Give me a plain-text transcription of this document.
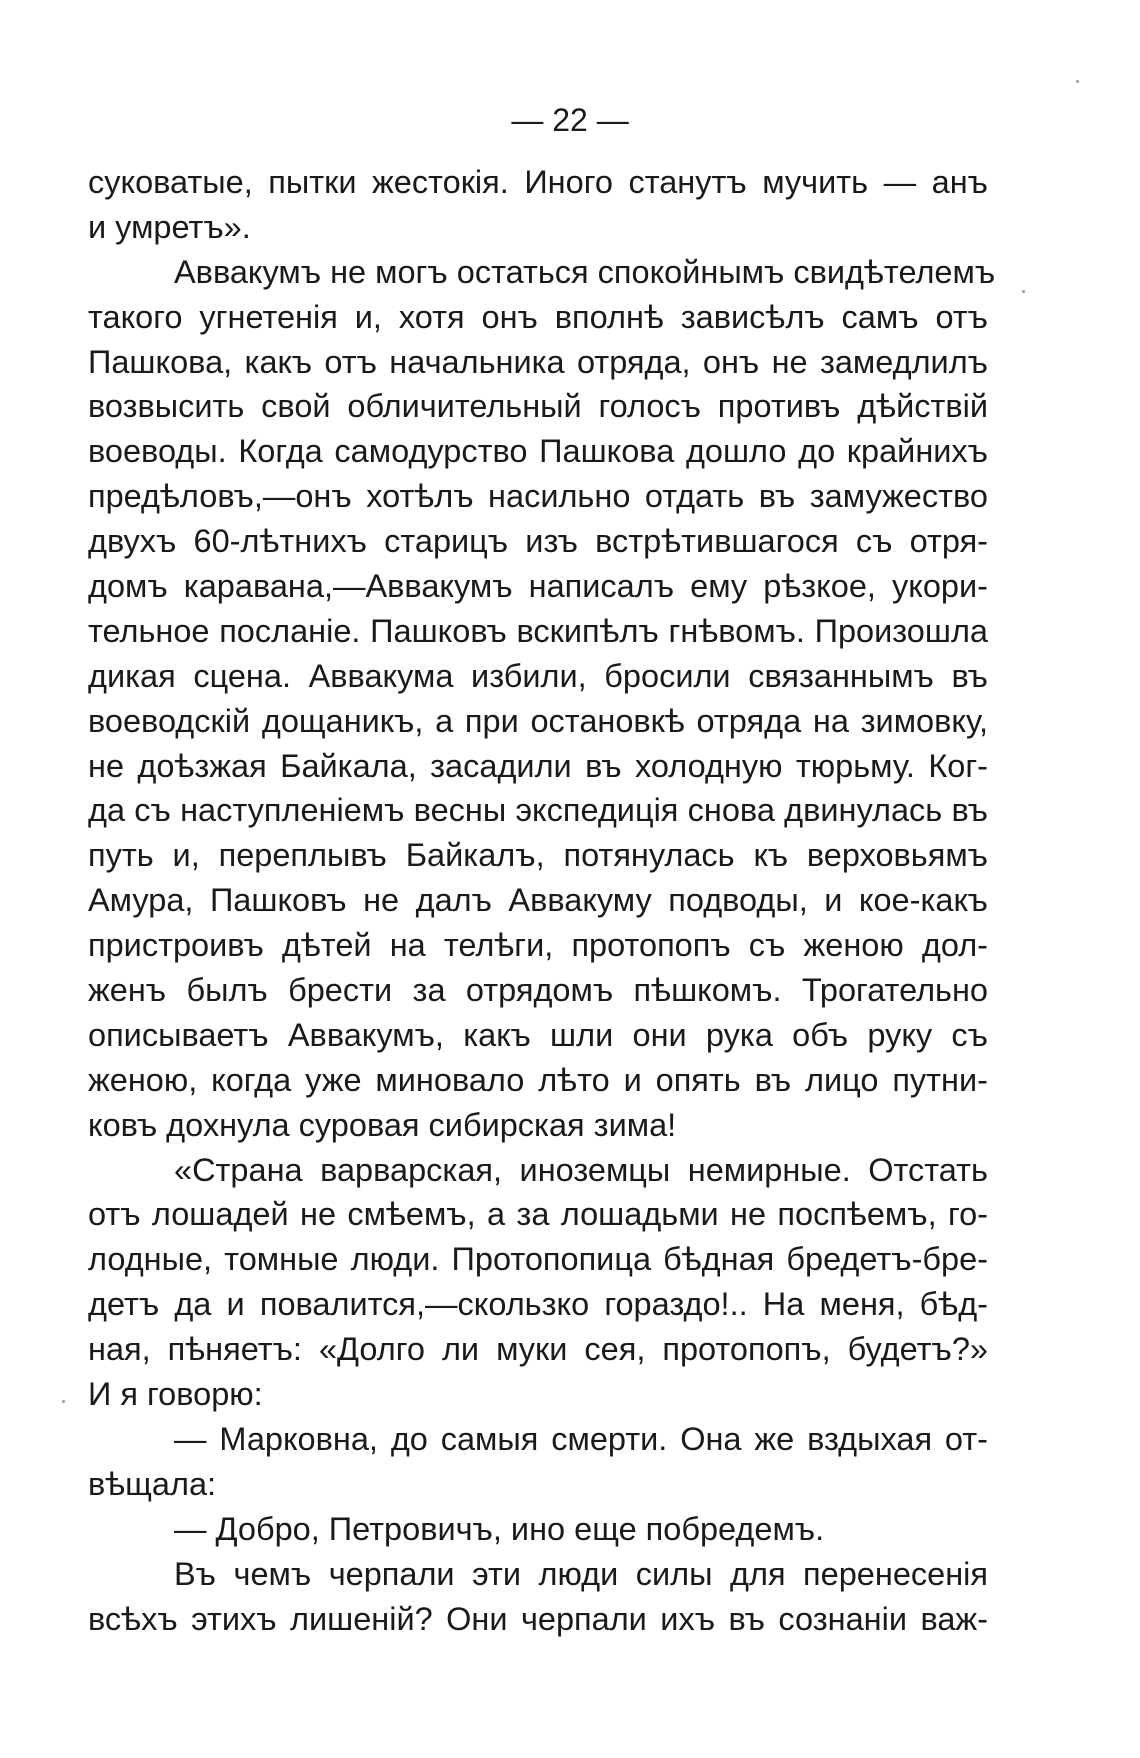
— 22 —
суковатые, пытки жестокія. Иного станутъ мучить — анъ
и умретъ».
Аввакумъ не могъ остаться спокойнымъ свидѣтелемъ
такого угнетенія и, хотя онъ вполнѣ зависѣлъ самъ отъ
Пашкова, какъ отъ начальника отряда, онъ не замедлилъ
возвысить свой обличительный голосъ противъ дѣйствій
воеводы. Когда самодурство Пашкова дошло до крайнихъ
предѣловъ,—онъ хотѣлъ насильно отдать въ замужество
двухъ 60-лѣтнихъ старицъ изъ встрѣтившагося съ отря-
домъ каравана,—Аввакумъ написалъ ему рѣзкое, укори-
тельное посланіе. Пашковъ вскипѣлъ гнѣвомъ. Произошла
дикая сцена. Аввакума избили, бросили связаннымъ въ
воеводскій дощаникъ, а при остановкѣ отряда на зимовку,
не доѣзжая Байкала, засадили въ холодную тюрьму. Ког-
да съ наступленіемъ весны экспедиція снова двинулась въ
путь и, переплывъ Байкалъ, потянулась къ верховьямъ
Амура, Пашковъ не далъ Аввакуму подводы, и кое-какъ
пристроивъ дѣтей на телѣги, протопопъ съ женою дол-
женъ былъ брести за отрядомъ пѣшкомъ. Трогательно
описываетъ Аввакумъ, какъ шли они рука объ руку съ
женою, когда уже миновало лѣто и опять въ лицо путни-
ковъ дохнула суровая сибирская зима!
«Страна варварская, иноземцы немирные. Отстать
отъ лошадей не смѣемъ, а за лошадьми не поспѣемъ, го-
лодные, томные люди. Протопопица бѣдная бредетъ-бре-
детъ да и повалится,—скользко гораздо!.. На меня, бѣд-
ная, пѣняетъ: «Долго ли муки сея, протопопъ, будетъ?»
И я говорю:
— Марковна, до самыя смерти. Она же вздыхая от-
вѣщала:
— Добро, Петровичъ, ино еще побредемъ.
Въ чемъ черпали эти люди силы для перенесенія
всѣхъ этихъ лишеній? Они черпали ихъ въ сознаніи важ-
